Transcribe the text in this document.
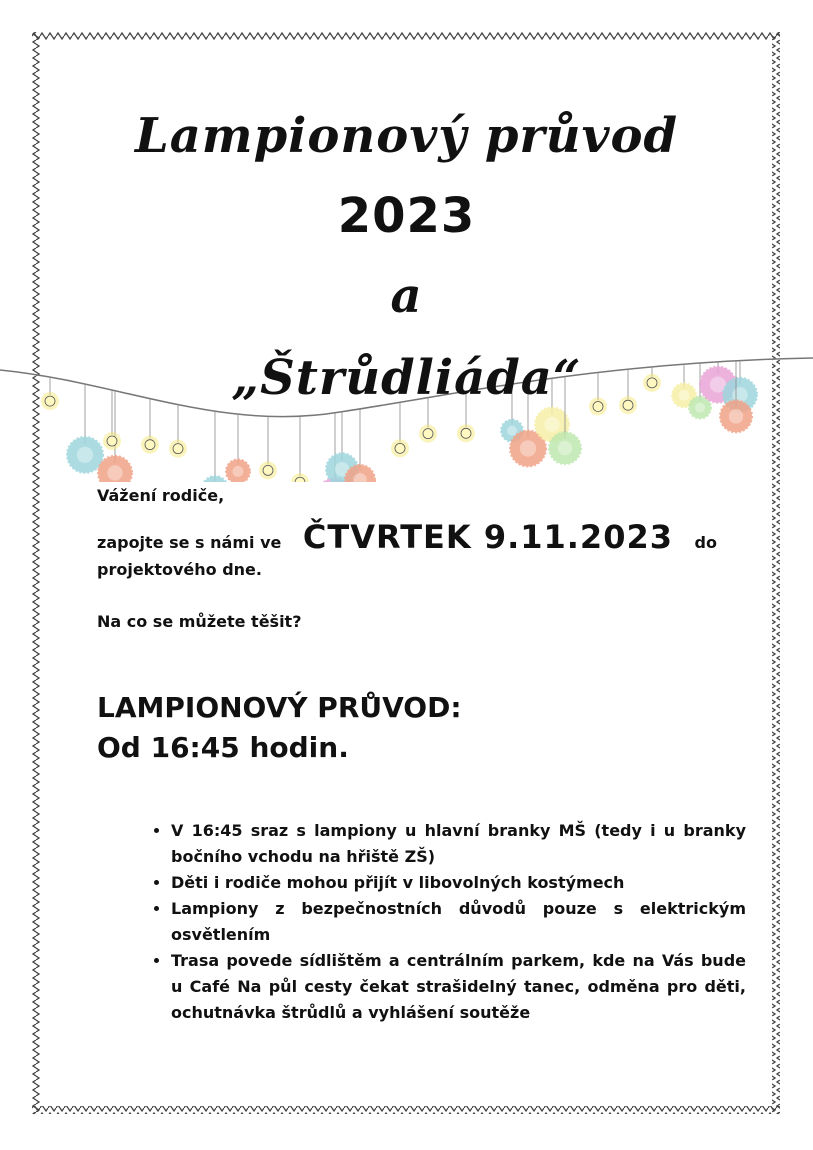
Lampionový průvod
2023
a
„Štrůdliáda“
Vážení rodiče,
zapojte se s námi ve ČTVRTEK 9.11.2023 do
projektového dne.
Na co se můžete těšit?
LAMPIONOVÝ PRŮVOD:
Od 16:45 hodin.
• V 16:45 sraz s lampiony u hlavní branky MŠ (tedy i u branky bočního vchodu na hřiště ZŠ)
• Děti i rodiče mohou přijít v libovolných kostýmech
• Lampiony z bezpečnostních důvodů pouze s elektrickým osvětlením
• Trasa povede sídlištěm a centrálním parkem, kde na Vás bude u Café Na půl cesty čekat strašidelný tanec, odměna pro děti, ochutnávka štrůdlů a vyhlášení soutěže
